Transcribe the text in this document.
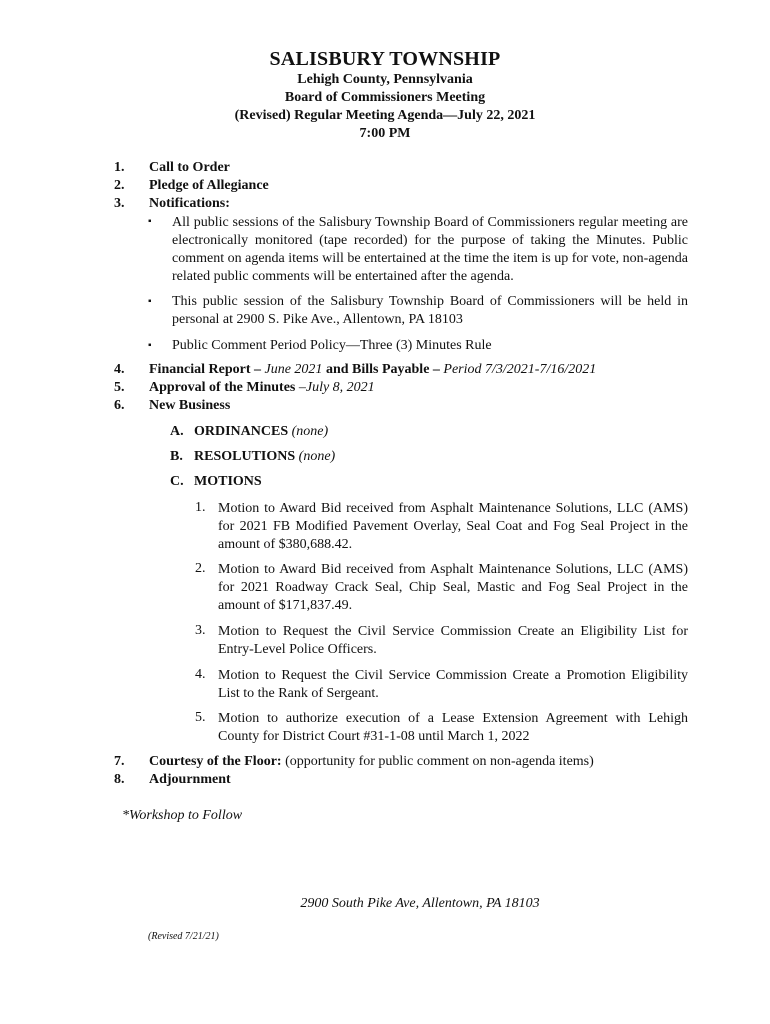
SALISBURY TOWNSHIP
Lehigh County, Pennsylvania
Board of Commissioners Meeting
(Revised) Regular Meeting Agenda—July 22, 2021
7:00 PM
1. Call to Order
2. Pledge of Allegiance
3. Notifications:
▪ All public sessions of the Salisbury Township Board of Commissioners regular meeting are electronically monitored (tape recorded) for the purpose of taking the Minutes. Public comment on agenda items will be entertained at the time the item is up for vote, non-agenda related public comments will be entertained after the agenda.
▪ This public session of the Salisbury Township Board of Commissioners will be held in personal at 2900 S. Pike Ave., Allentown, PA 18103
▪ Public Comment Period Policy—Three (3) Minutes Rule
4. Financial Report – June 2021 and Bills Payable – Period 7/3/2021-7/16/2021
5. Approval of the Minutes –July 8, 2021
6. New Business
A. ORDINANCES (none)
B. RESOLUTIONS (none)
C. MOTIONS
1. Motion to Award Bid received from Asphalt Maintenance Solutions, LLC (AMS) for 2021 FB Modified Pavement Overlay, Seal Coat and Fog Seal Project in the amount of $380,688.42.
2. Motion to Award Bid received from Asphalt Maintenance Solutions, LLC (AMS) for 2021 Roadway Crack Seal, Chip Seal, Mastic and Fog Seal Project in the amount of $171,837.49.
3. Motion to Request the Civil Service Commission Create an Eligibility List for Entry-Level Police Officers.
4. Motion to Request the Civil Service Commission Create a Promotion Eligibility List to the Rank of Sergeant.
5. Motion to authorize execution of a Lease Extension Agreement with Lehigh County for District Court #31-1-08 until March 1, 2022
7. Courtesy of the Floor: (opportunity for public comment on non-agenda items)
8. Adjournment
*Workshop to Follow
2900 South Pike Ave, Allentown, PA 18103
(Revised 7/21/21)
